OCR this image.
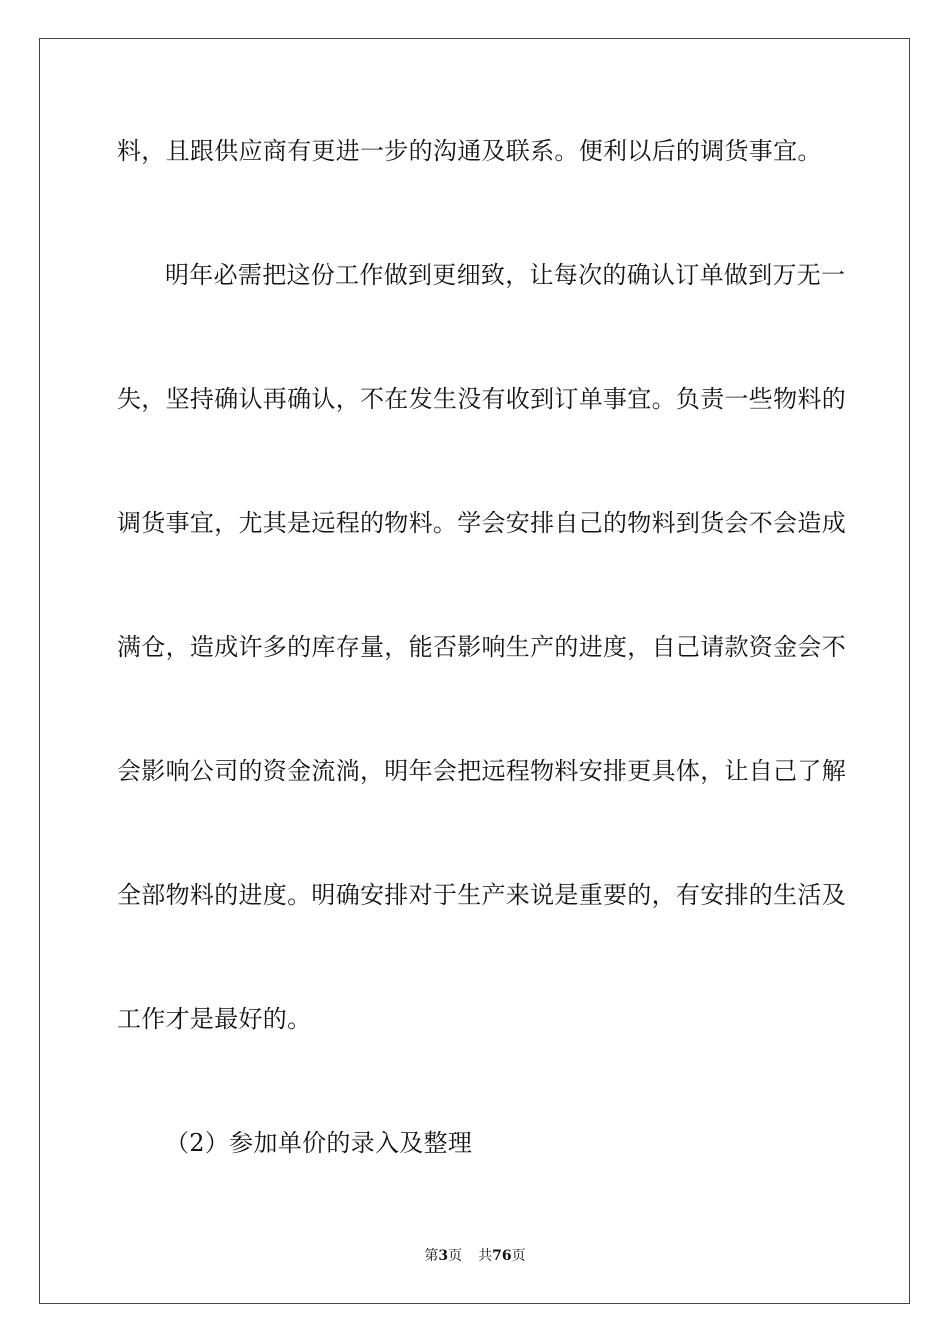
料，且跟供应商有更进一步的沟通及联系。便利以后的调货事宜。
明年必需把这份工作做到更细致，让每次的确认订单做到万无一
失，坚持确认再确认，不在发生没有收到订单事宜。负责一些物料的
调货事宜，尤其是远程的物料。学会安排自己的物料到货会不会造成
满仓，造成许多的库存量，能否影响生产的进度，自己请款资金会不
会影响公司的资金流淌，明年会把远程物料安排更具体，让自己了解
全部物料的进度。明确安排对于生产来说是重要的，有安排的生活及
工作才是最好的。
（2）参加单价的录入及整理
第3页 共76页
